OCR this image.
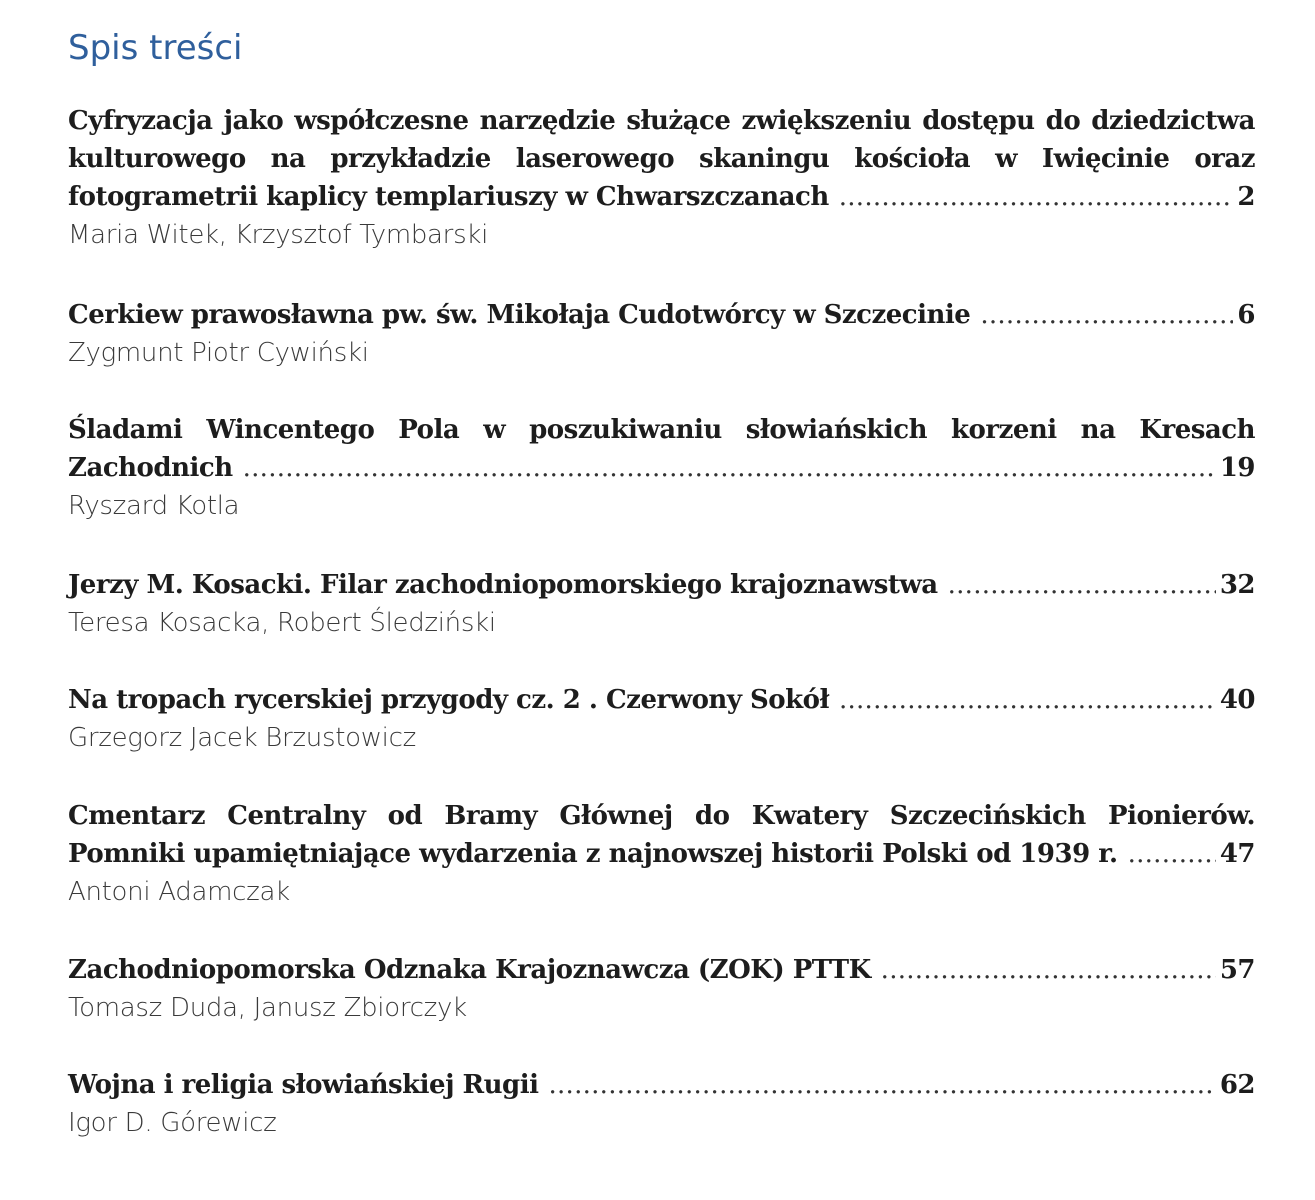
Spis treści
Cyfryzacja jako współczesne narzędzie służące zwiększeniu dostępu do dziedzictwa
kulturowego na przykładzie laserowego skaningu kościoła w Iwięcinie oraz
fotogrametrii kaplicy templariuszy w Chwarszczanach . . .	2

Maria Witek, Krzysztof Tymbarski

Cerkiew prawosławna pw. św. Mikołaja Cudotwórcy w Szczecinie . . .	6

Zygmunt Piotr Cywiński

Śladami Wincentego Pola w poszukiwaniu słowiańskich korzeni na Kresach
Zachodnich . . .	19

Ryszard Kotla

Jerzy M. Kosacki. Filar zachodniopomorskiego krajoznawstwa . . .	32

Teresa Kosacka, Robert Śledziński

Na tropach rycerskiej przygody cz. 2 . Czerwony Sokół . . .	40

Grzegorz Jacek Brzustowicz

Cmentarz Centralny od Bramy Głównej do Kwatery Szczecińskich Pionierów.
Pomniki upamiętniające wydarzenia z najnowszej historii Polski od 1939 r. . . .	47

Antoni Adamczak

Zachodniopomorska Odznaka Krajoznawcza (ZOK) PTTK . . .	57

Tomasz Duda, Janusz Zbiorczyk

Wojna i religia słowiańskiej Rugii . . .	62

Igor D. Górewicz
